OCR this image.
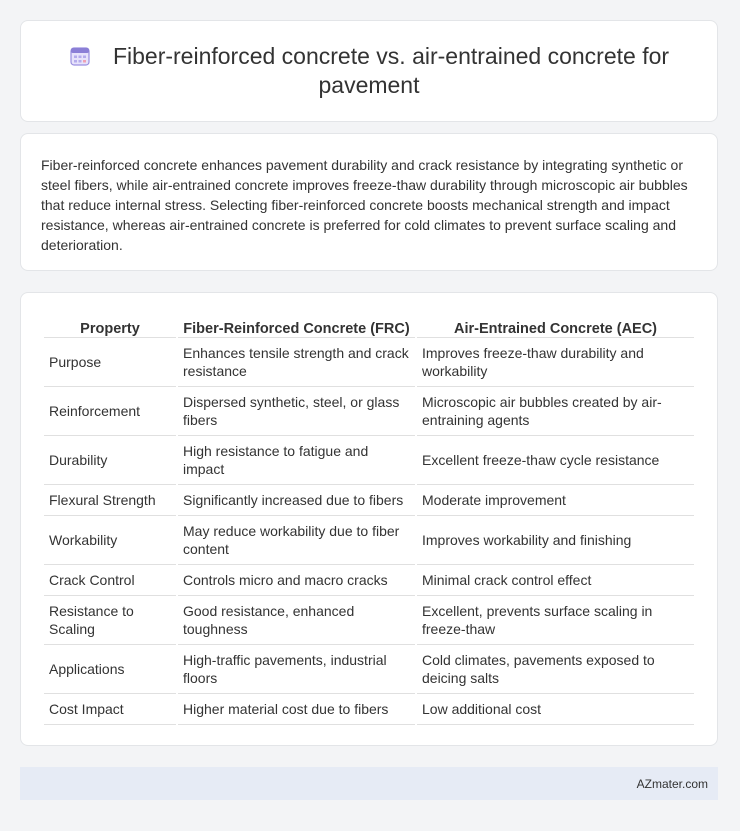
Fiber-reinforced concrete vs. air-entrained concrete for pavement

Fiber-reinforced concrete enhances pavement durability and crack resistance by integrating synthetic or steel fibers, while air-entrained concrete improves freeze-thaw durability through microscopic air bubbles that reduce internal stress. Selecting fiber-reinforced concrete boosts mechanical strength and impact resistance, whereas air-entrained concrete is preferred for cold climates to prevent surface scaling and deterioration.

Property	Fiber-Reinforced Concrete (FRC)	Air-Entrained Concrete (AEC)
Purpose	Enhances tensile strength and crack resistance	Improves freeze-thaw durability and workability
Reinforcement	Dispersed synthetic, steel, or glass fibers	Microscopic air bubbles created by air-entraining agents
Durability	High resistance to fatigue and impact	Excellent freeze-thaw cycle resistance
Flexural Strength	Significantly increased due to fibers	Moderate improvement
Workability	May reduce workability due to fiber content	Improves workability and finishing
Crack Control	Controls micro and macro cracks	Minimal crack control effect
Resistance to Scaling	Good resistance, enhanced toughness	Excellent, prevents surface scaling in freeze-thaw
Applications	High-traffic pavements, industrial floors	Cold climates, pavements exposed to deicing salts
Cost Impact	Higher material cost due to fibers	Low additional cost
AZmater.com
